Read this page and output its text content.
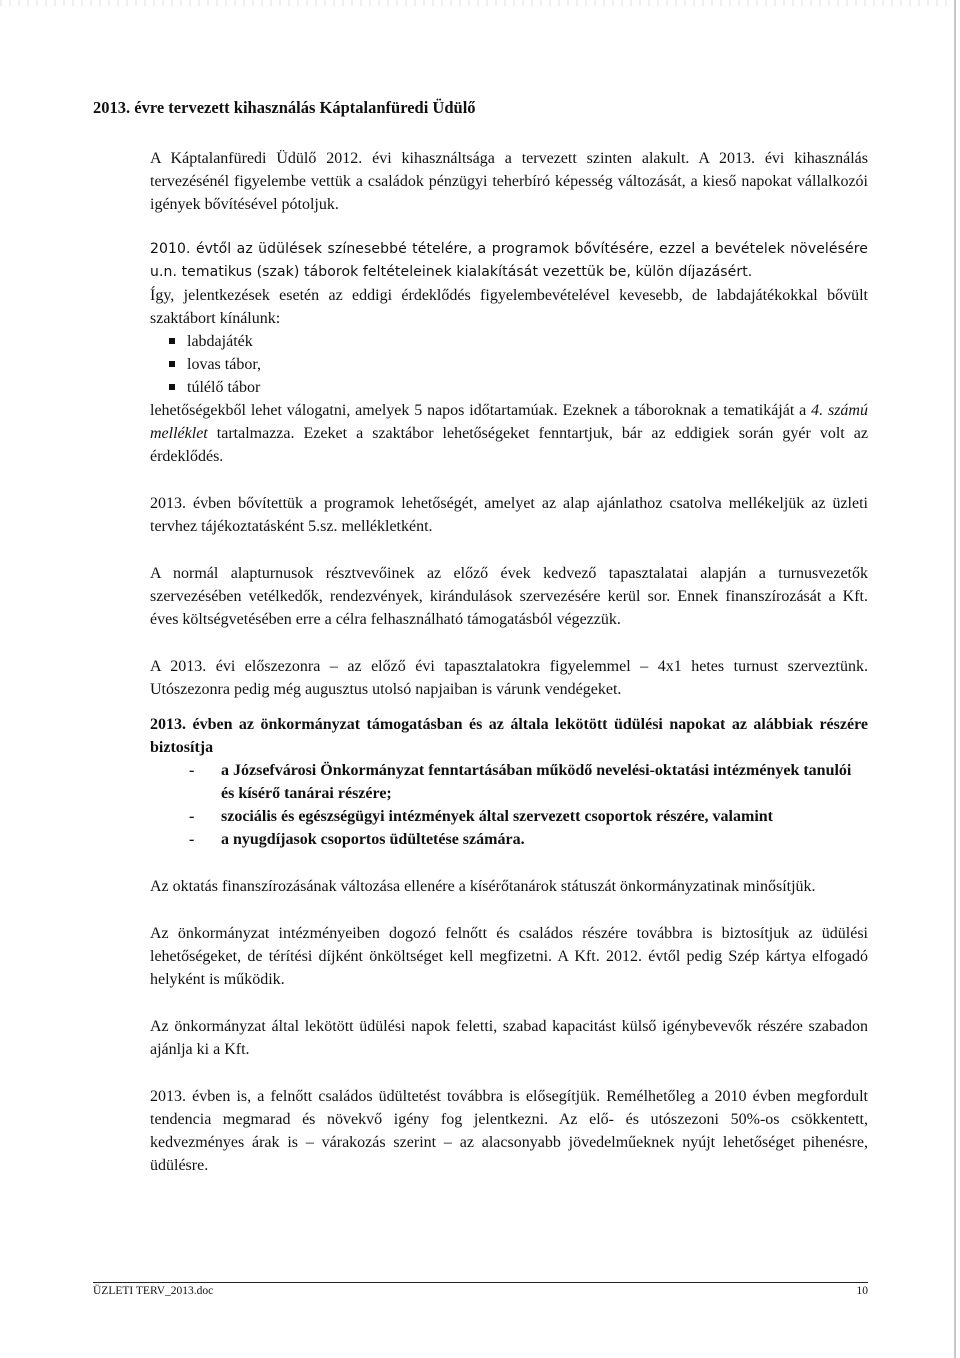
2013. évre tervezett kihasználás Káptalanfüredi Üdülő

A Káptalanfüredi Üdülő 2012. évi kihasználtsága a tervezett szinten alakult. A 2013. évi kihasználás tervezésénél figyelembe vettük a családok pénzügyi teherbíró képesség változását, a kieső napokat vállalkozói igények bővítésével pótoljuk.

2010. évtől az üdülések színesebbé tételére, a programok bővítésére, ezzel a bevételek növelésére u.n. tematikus (szak) táborok feltételeinek kialakítását vezettük be, külön díjazásért.

Így, jelentkezések esetén az eddigi érdeklődés figyelembevételével kevesebb, de labdajátékokkal bővült szaktábort kínálunk:

labdajáték
lovas tábor,
túlélő tábor

lehetőségekből lehet válogatni, amelyek 5 napos időtartamúak. Ezeknek a táboroknak a tematikáját a 4. számú melléklet tartalmazza. Ezeket a szaktábor lehetőségeket fenntartjuk, bár az eddigiek során gyér volt az érdeklődés.

2013. évben bővítettük a programok lehetőségét, amelyet az alap ajánlathoz csatolva mellékeljük az üzleti tervhez tájékoztatásként 5.sz. mellékletként.

A normál alapturnusok résztvevőinek az előző évek kedvező tapasztalatai alapján a turnusvezetők szervezésében vetélkedők, rendezvények, kirándulások szervezésére kerül sor. Ennek finanszírozását a Kft. éves költségvetésében erre a célra felhasználható támogatásból végezzük.

A 2013. évi előszezonra – az előző évi tapasztalatokra figyelemmel – 4x1 hetes turnust szerveztünk. Utószezonra pedig még augusztus utolsó napjaiban is várunk vendégeket.

2013. évben az önkormányzat támogatásban és az általa lekötött üdülési napokat az alábbiak részére biztosítja

- a Józsefvárosi Önkormányzat fenntartásában működő nevelési-oktatási intézmények tanulói és kísérő tanárai részére;
- szociális és egészségügyi intézmények által szervezett csoportok részére, valamint
- a nyugdíjasok csoportos üdültetése számára.

Az oktatás finanszírozásának változása ellenére a kísérőtanárok státuszát önkormányzatinak minősítjük.

Az önkormányzat intézményeiben dogozó felnőtt és családos részére továbbra is biztosítjuk az üdülési lehetőségeket, de térítési díjként önköltséget kell megfizetni. A Kft. 2012. évtől pedig Szép kártya elfogadó helyként is működik.

Az önkormányzat által lekötött üdülési napok feletti, szabad kapacitást külső igénybevevők részére szabadon ajánlja ki a Kft.

2013. évben is, a felnőtt családos üdültetést továbbra is elősegítjük. Remélhetőleg a 2010 évben megfordult tendencia megmarad és növekvő igény fog jelentkezni. Az elő- és utószezoni 50%-os csökkentett, kedvezményes árak is – várakozás szerint – az alacsonyabb jövedelműeknek nyújt lehetőséget pihenésre, üdülésre.

ÜZLETI TERV_2013.doc	10
